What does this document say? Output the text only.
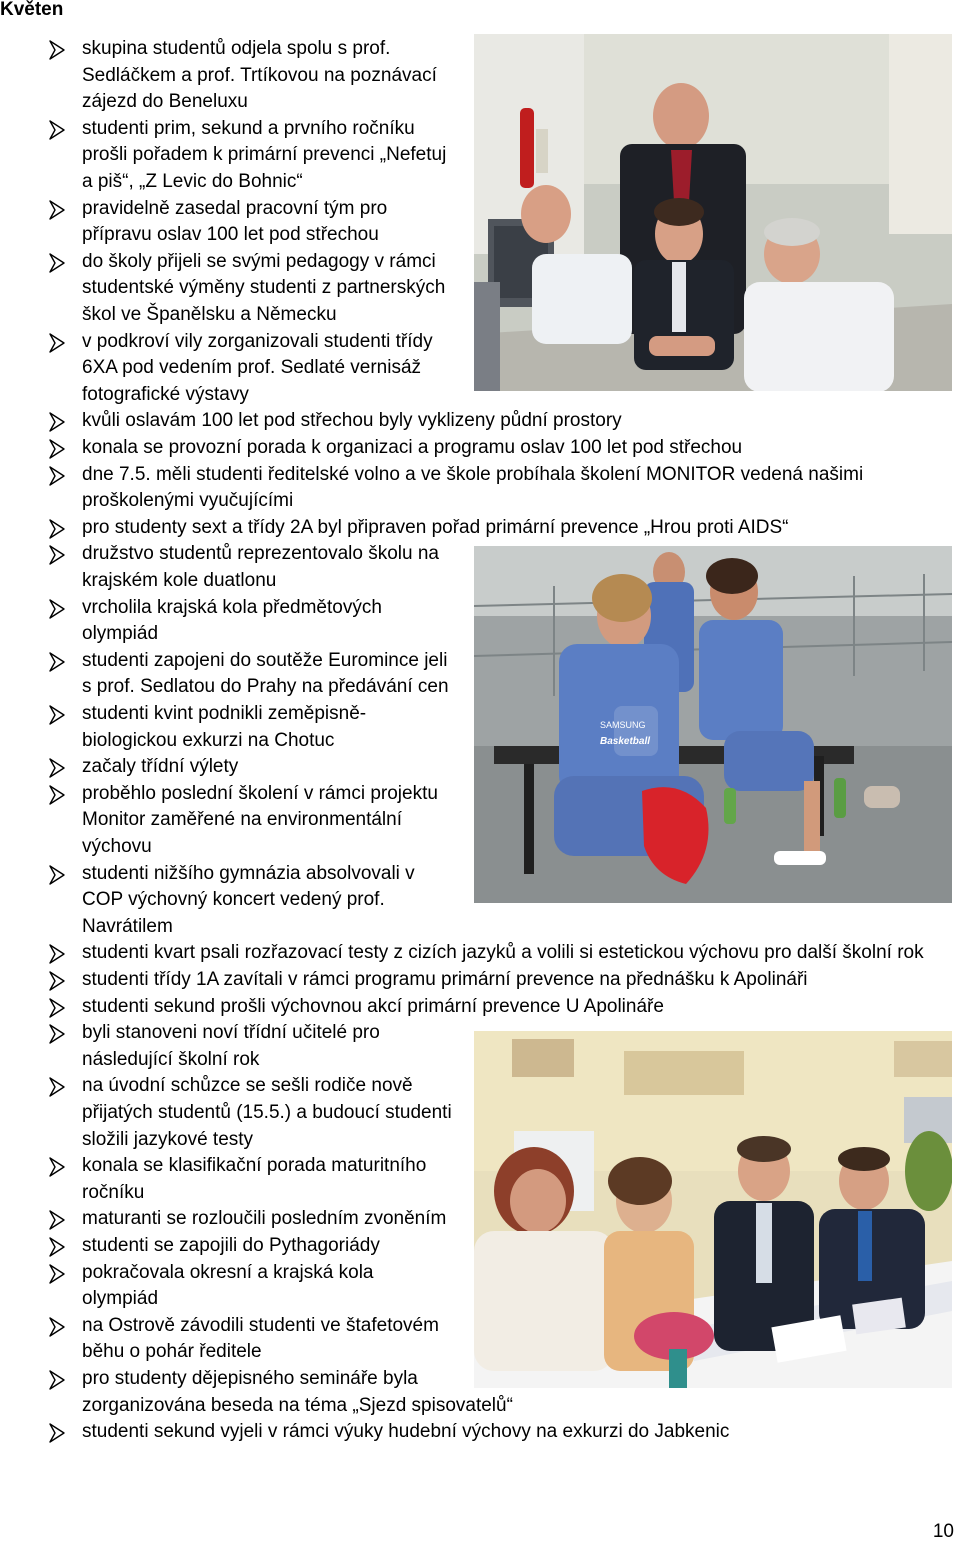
Květen

skupina studentů odjela spolu s prof.

Sedláčkem a prof. Trtíkovou na poznávací

zájezd do Beneluxu

studenti prim, sekund a prvního ročníku

prošli pořadem k primární prevenci „Nefetuj

a piš“, „Z Levic do Bohnic“

pravidelně zasedal pracovní tým pro

přípravu oslav 100 let pod střechou

do školy přijeli se svými pedagogy v rámci

studentské výměny studenti z partnerských

škol ve Španělsku a Německu

v podkroví vily zorganizovali studenti třídy

6XA pod vedením prof. Sedlaté vernisáž

fotografické výstavy

kvůli oslavám 100 let pod střechou byly vyklizeny půdní prostory

konala se provozní porada k organizaci a programu oslav 100 let pod střechou

dne 7.5. měli studenti ředitelské volno a ve škole probíhala školení MONITOR vedená našimi

proškolenými vyučujícími

pro studenty sext a třídy 2A byl připraven pořad primární prevence „Hrou proti AIDS“

družstvo studentů reprezentovalo školu na

krajském kole duatlonu

vrcholila krajská kola předmětových

olympiád

studenti zapojeni do soutěže Euromince jeli

s prof. Sedlatou do Prahy na předávání cen

studenti kvint podnikli zeměpisně-

biologickou exkurzi na Chotuc

začaly třídní výlety

proběhlo poslední školení v rámci projektu

Monitor zaměřené na environmentální

výchovu

studenti nižšího gymnázia absolvovali v

COP výchovný koncert vedený prof.

Navrátilem

studenti kvart psali rozřazovací testy z cizích jazyků a volili si estetickou výchovu pro další školní rok

studenti třídy 1A zavítali v rámci programu primární prevence na přednášku k Apolináři

studenti sekund prošli výchovnou akcí primární prevence U Apolináře

byli stanoveni noví třídní učitelé pro

následující školní rok

na úvodní schůzce se sešli rodiče nově

přijatých studentů (15.5.) a budoucí studenti

složili jazykové testy

konala se klasifikační porada maturitního

ročníku

maturanti se rozloučili posledním zvoněním

studenti se zapojili do Pythagoriády

pokračovala okresní a krajská kola

olympiád

na Ostrově závodili studenti ve štafetovém

běhu o pohár ředitele

pro studenty dějepisného semináře byla

zorganizována beseda na téma „Sjezd spisovatelů“

studenti sekund vyjeli v rámci výuky hudební výchovy na exkurzi do Jabkenic

SAMSUNG
Basketball

10
